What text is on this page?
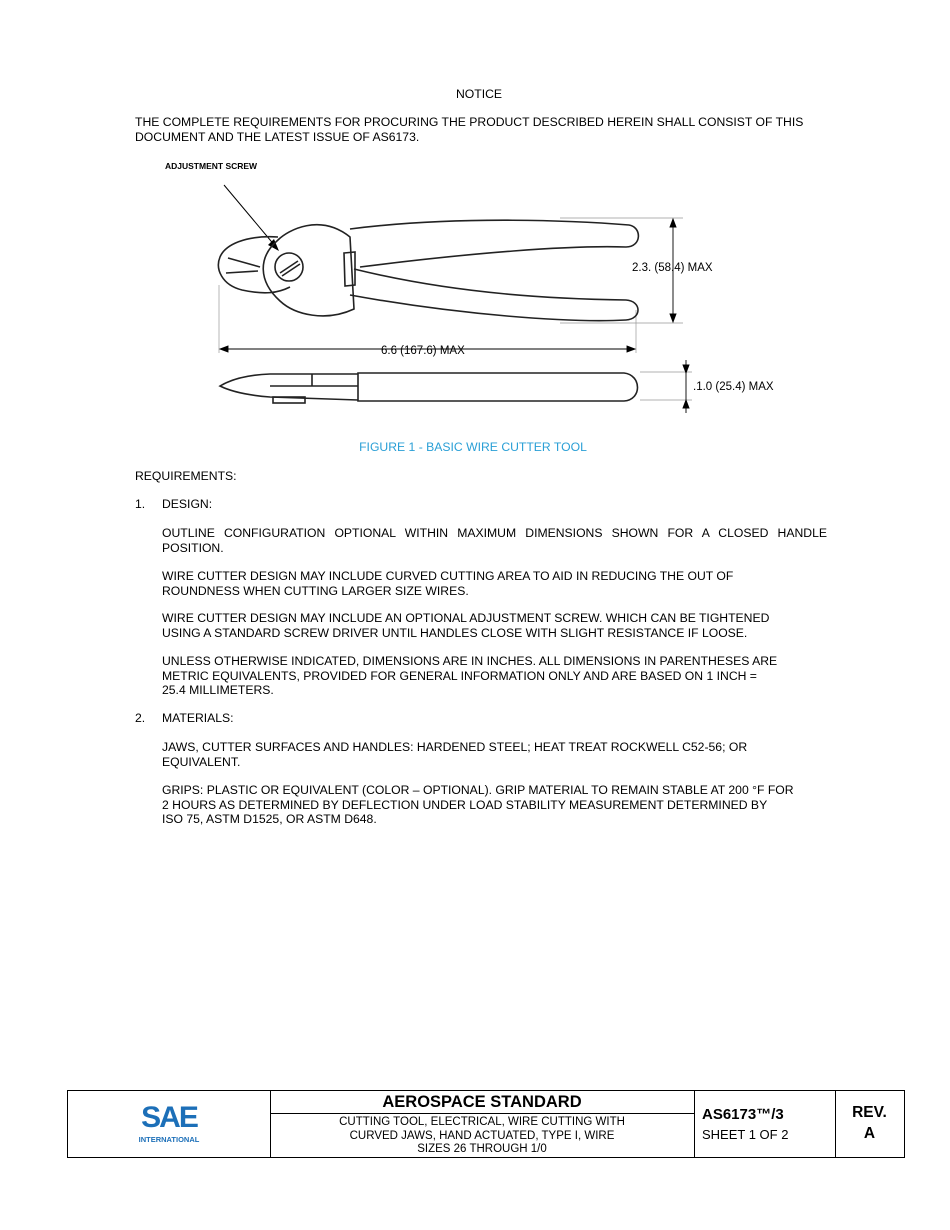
NOTICE
THE COMPLETE REQUIREMENTS FOR PROCURING THE PRODUCT DESCRIBED HEREIN SHALL CONSIST OF THIS
DOCUMENT AND THE LATEST ISSUE OF AS6173.
ADJUSTMENT SCREW
2.3. (58.4) MAX
6.6 (167.6) MAX
.1.0 (25.4) MAX
FIGURE 1 - BASIC WIRE CUTTER TOOL
REQUIREMENTS:
1. DESIGN:
OUTLINE CONFIGURATION OPTIONAL WITHIN MAXIMUM DIMENSIONS SHOWN FOR A CLOSED HANDLE
POSITION.
WIRE CUTTER DESIGN MAY INCLUDE CURVED CUTTING AREA TO AID IN REDUCING THE OUT OF
ROUNDNESS WHEN CUTTING LARGER SIZE WIRES.
WIRE CUTTER DESIGN MAY INCLUDE AN OPTIONAL ADJUSTMENT SCREW. WHICH CAN BE TIGHTENED
USING A STANDARD SCREW DRIVER UNTIL HANDLES CLOSE WITH SLIGHT RESISTANCE IF LOOSE.
UNLESS OTHERWISE INDICATED, DIMENSIONS ARE IN INCHES. ALL DIMENSIONS IN PARENTHESES ARE
METRIC EQUIVALENTS, PROVIDED FOR GENERAL INFORMATION ONLY AND ARE BASED ON 1 INCH =
25.4 MILLIMETERS.
2. MATERIALS:
JAWS, CUTTER SURFACES AND HANDLES: HARDENED STEEL; HEAT TREAT ROCKWELL C52-56; OR
EQUIVALENT.
GRIPS: PLASTIC OR EQUIVALENT (COLOR – OPTIONAL). GRIP MATERIAL TO REMAIN STABLE AT 200 °F FOR
2 HOURS AS DETERMINED BY DEFLECTION UNDER LOAD STABILITY MEASUREMENT DETERMINED BY
ISO 75, ASTM D1525, OR ASTM D648.
SAE
INTERNATIONAL
AEROSPACE STANDARD
CUTTING TOOL, ELECTRICAL, WIRE CUTTING WITH
CURVED JAWS, HAND ACTUATED, TYPE I, WIRE
SIZES 26 THROUGH 1/0
AS6173™/3
SHEET 1 OF 2
REV.
A
